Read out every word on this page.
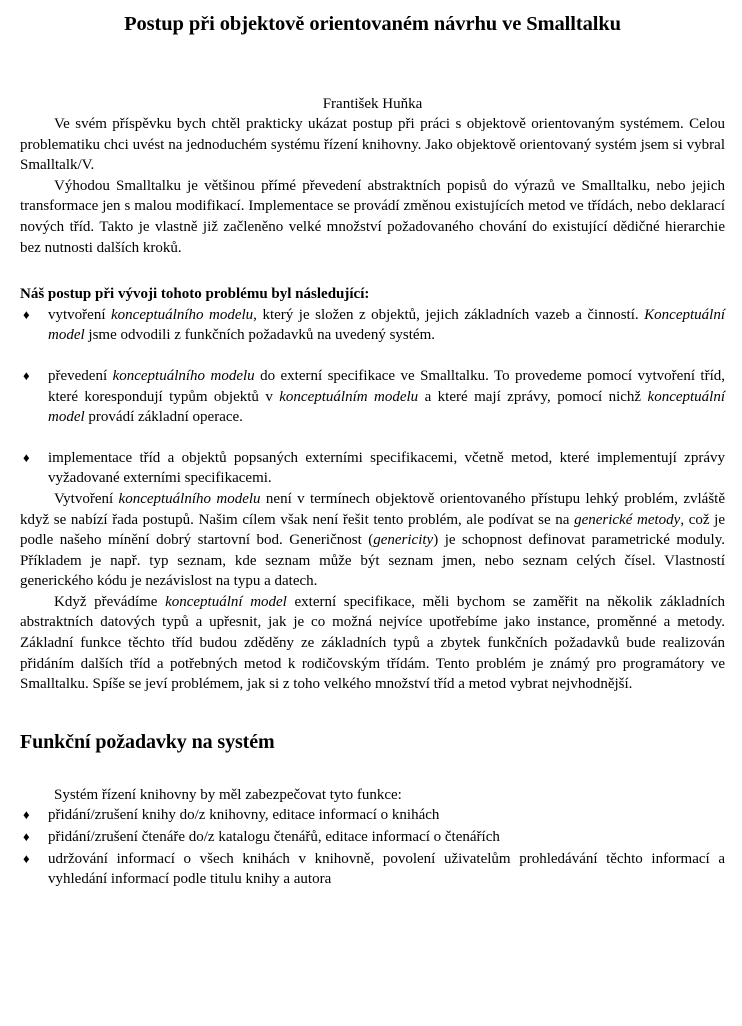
Postup při objektově orientovaném návrhu ve Smalltalku
František Huňka

Ve svém příspěvku bych chtěl prakticky ukázat postup při práci s objektově orientovaným systémem. Celou problematiku chci uvést na jednoduchém systému řízení knihovny. Jako objektově orientovaný systém jsem si vybral Smalltalk/V.

Výhodou Smalltalku je většinou přímé převedení abstraktních popisů do výrazů ve Smalltalku, nebo jejich transformace jen s malou modifikací. Implementace se provádí změnou existujících metod ve třídách, nebo deklarací nových tříd. Takto je vlastně již začleněno velké množství požadovaného chování do existující dědičné hierarchie bez nutnosti dalších kroků.

Náš postup při vývoji tohoto problému byl následující:

♦ vytvoření konceptuálního modelu, který je složen z objektů, jejich základních vazeb a činností. Konceptuální model jsme odvodili z funkčních požadavků na uvedený systém.
♦ převedení konceptuálního modelu do externí specifikace ve Smalltalku. To provedeme pomocí vytvoření tříd, které korespondují typům objektů v konceptuálním modelu a které mají zprávy, pomocí nichž konceptuální model provádí základní operace.
♦ implementace tříd a objektů popsaných externími specifikacemi, včetně metod, které implementují zprávy vyžadované externími specifikacemi.

Vytvoření konceptuálního modelu není v termínech objektově orientovaného přístupu lehký problém, zvláště když se nabízí řada postupů. Našim cílem však není řešit tento problém, ale podívat se na generické metody, což je podle našeho mínění dobrý startovní bod. Generičnost (genericity) je schopnost definovat parametrické moduly. Příkladem je např. typ seznam, kde seznam může být seznam jmen, nebo seznam celých čísel. Vlastností generického kódu je nezávislost na typu a datech.

Když převádíme konceptuální model externí specifikace, měli bychom se zaměřit na několik základních abstraktních datových typů a upřesnit, jak je co možná nejvíce upotřebíme jako instance, proměnné a metody. Základní funkce těchto tříd budou zděděny ze základních typů a zbytek funkčních požadavků bude realizován přidáním dalších tříd a potřebných metod k rodičovským třídám. Tento problém je známý pro programátory ve Smalltalku. Spíše se jeví problémem, jak si z toho velkého množství tříd a metod vybrat nejvhodnější.

Funkční požadavky na systém

Systém řízení knihovny by měl zabezpečovat tyto funkce:

♦ přidání/zrušení knihy do/z knihovny, editace informací o knihách
♦ přidání/zrušení čtenáře do/z katalogu čtenářů, editace informací o čtenářích
♦ udržování informací o všech knihách v knihovně, povolení uživatelům prohledávání těchto informací a vyhledání informací podle titulu knihy a autora
